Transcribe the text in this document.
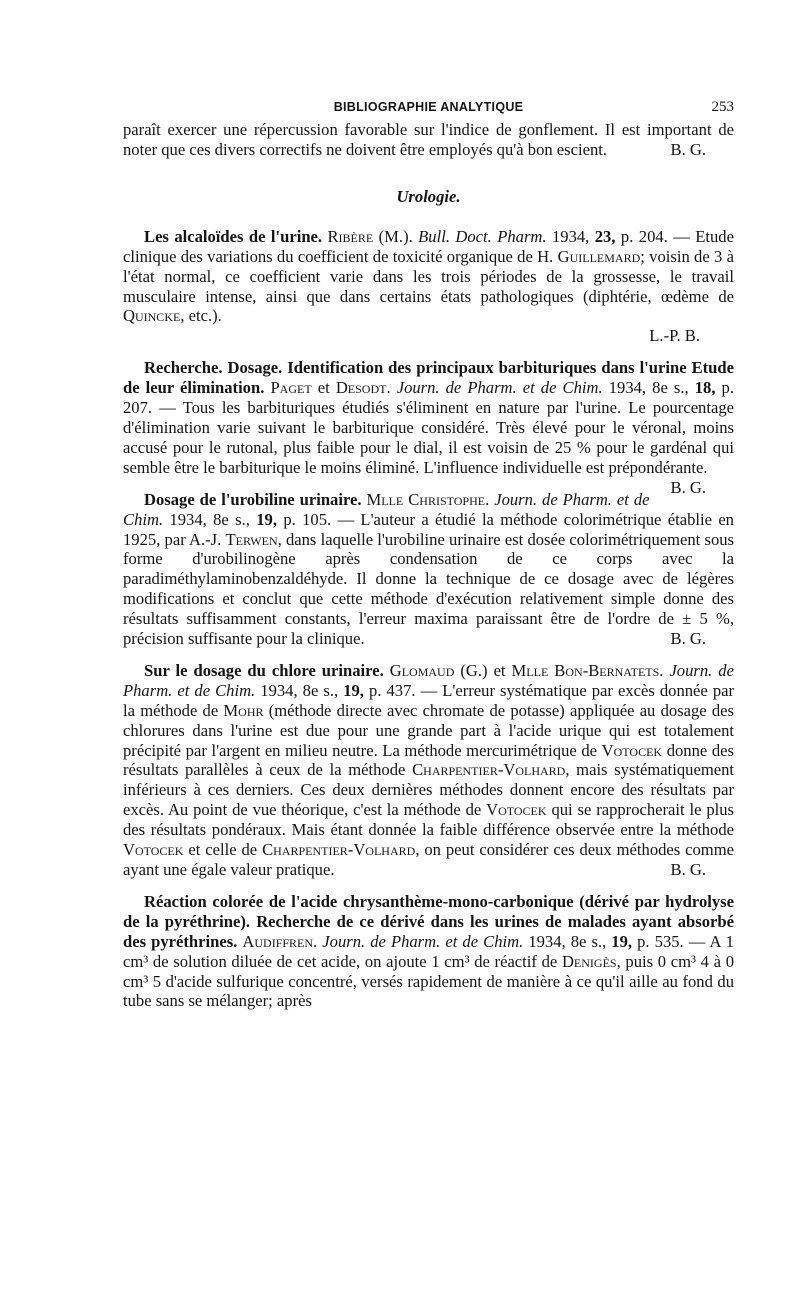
BIBLIOGRAPHIE ANALYTIQUE	253

paraît exercer une répercussion favorable sur l'indice de gonflement. Il est important de noter que ces divers correctifs ne doivent être employés qu'à bon escient.	B. G.

Urologie.

Les alcaloïdes de l'urine. Ribère (M.). Bull. Doct. Pharm. 1934, 23, p. 204. — Etude clinique des variations du coefficient de toxicité organique de H. Guillemard; voisin de 3 à l'état normal, ce coefficient varie dans les trois périodes de la grossesse, le travail musculaire intense, ainsi que dans certains états pathologiques (diphtérie, œdème de Quincke, etc.).
L.-P. B.

Recherche. Dosage. Identification des principaux barbituriques dans l'urine Etude de leur élimination. Paget et Desodt. Journ. de Pharm. et de Chim. 1934, 8e s., 18, p. 207. — Tous les barbituriques étudiés s'éliminent en nature par l'urine. Le pourcentage d'élimination varie suivant le barbiturique considéré. Très élevé pour le véronal, moins accusé pour le rutonal, plus faible pour le dial, il est voisin de 25 % pour le gardénal qui semble être le barbiturique le moins éliminé. L'influence individuelle est prépondérante.
B. G.

Dosage de l'urobiline urinaire. Mlle Christophe. Journ. de Pharm. et de Chim. 1934, 8e s., 19, p. 105. — L'auteur a étudié la méthode colorimétrique établie en 1925, par A.-J. Terwen, dans laquelle l'urobiline urinaire est dosée colorimétriquement sous forme d'urobilinogène après condensation de ce corps avec la paradiméthylaminobenzaldéhyde. Il donne la technique de ce dosage avec de légères modifications et conclut que cette méthode d'exécution relativement simple donne des résultats suffisamment constants, l'erreur maxima paraissant être de l'ordre de ± 5 %, précision suffisante pour la clinique.	B. G.

Sur le dosage du chlore urinaire. Glomaud (G.) et Mlle Bon-Bernatets. Journ. de Pharm. et de Chim. 1934, 8e s., 19, p. 437. — L'erreur systématique par excès donnée par la méthode de Mohr (méthode directe avec chromate de potasse) appliquée au dosage des chlorures dans l'urine est due pour une grande part à l'acide urique qui est totalement précipité par l'argent en milieu neutre. La méthode mercurimétrique de Votocek donne des résultats parallèles à ceux de la méthode Charpentier-Volhard, mais systématiquement inférieurs à ces derniers. Ces deux dernières méthodes donnent encore des résultats par excès. Au point de vue théorique, c'est la méthode de Votocek qui se rapprocherait le plus des résultats pondéraux. Mais étant donnée la faible différence observée entre la méthode Votocek et celle de Charpentier-Volhard, on peut considérer ces deux méthodes comme ayant une égale valeur pratique.	B. G.

Réaction colorée de l'acide chrysanthème-mono-carbonique (dérivé par hydrolyse de la pyréthrine). Recherche de ce dérivé dans les urines de malades ayant absorbé des pyréthrines. Audiffren. Journ. de Pharm. et de Chim. 1934, 8e s., 19, p. 535. — A 1 cm³ de solution diluée de cet acide, on ajoute 1 cm³ de réactif de Denigès, puis 0 cm³ 4 à 0 cm³ 5 d'acide sulfurique concentré, versés rapidement de manière à ce qu'il aille au fond du tube sans se mélanger; après
